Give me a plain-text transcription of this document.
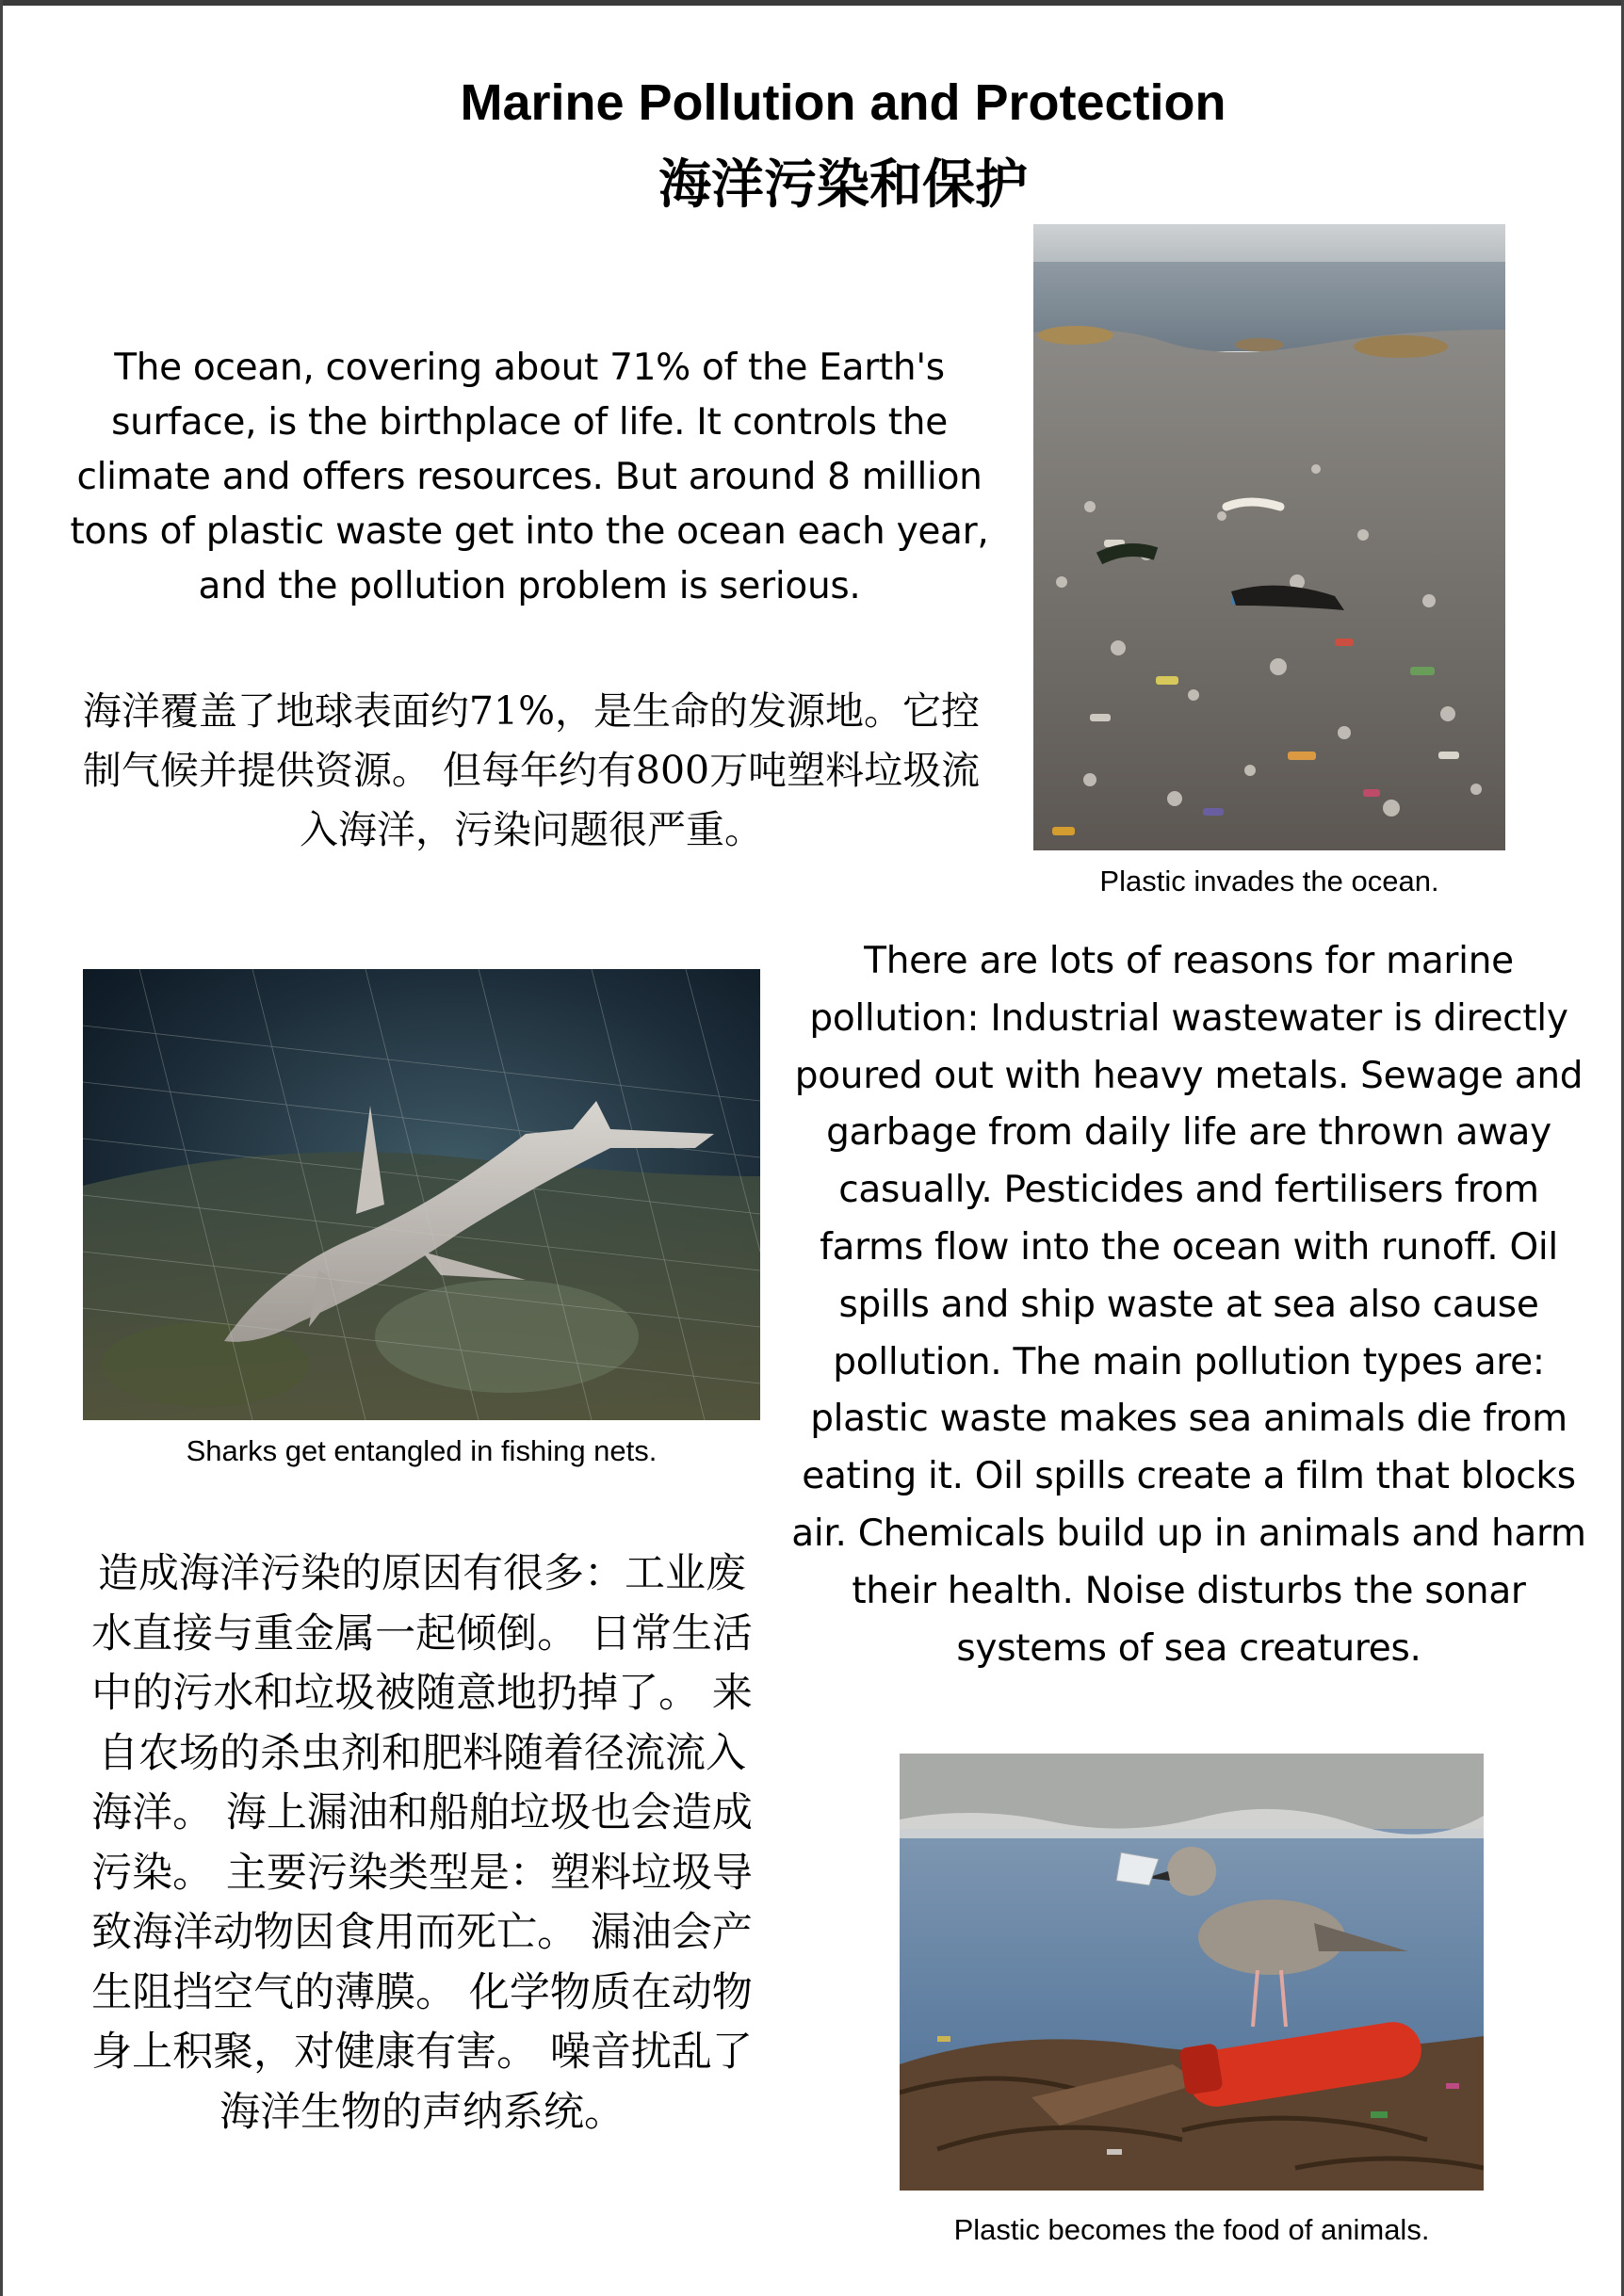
Marine Pollution and Protection
海洋污染和保护

The ocean, covering about 71% of the Earth's surface, is the birthplace of life. It controls the climate and offers resources. But around 8 million tons of plastic waste get into the ocean each year, and the pollution problem is serious.

海洋覆盖了地球表面约71%，是生命的发源地。它控制气候并提供资源。 但每年约有800万吨塑料垃圾流入海洋，污染问题很严重。

Plastic invades the ocean.

Sharks get entangled in fishing nets.

There are lots of reasons for marine pollution: Industrial wastewater is directly poured out with heavy metals. Sewage and garbage from daily life are thrown away casually. Pesticides and fertilisers from farms flow into the ocean with runoff. Oil spills and ship waste at sea also cause pollution. The main pollution types are: plastic waste makes sea animals die from eating it. Oil spills create a film that blocks air. Chemicals build up in animals and harm their health. Noise disturbs the sonar systems of sea creatures.

造成海洋污染的原因有很多：工业废水直接与重金属一起倾倒。 日常生活中的污水和垃圾被随意地扔掉了。 来自农场的杀虫剂和肥料随着径流流入海洋。 海上漏油和船舶垃圾也会造成污染。 主要污染类型是：塑料垃圾导致海洋动物因食用而死亡。 漏油会产生阻挡空气的薄膜。 化学物质在动物身上积聚，对健康有害。 噪音扰乱了海洋生物的声纳系统。

Plastic becomes the food of animals.
